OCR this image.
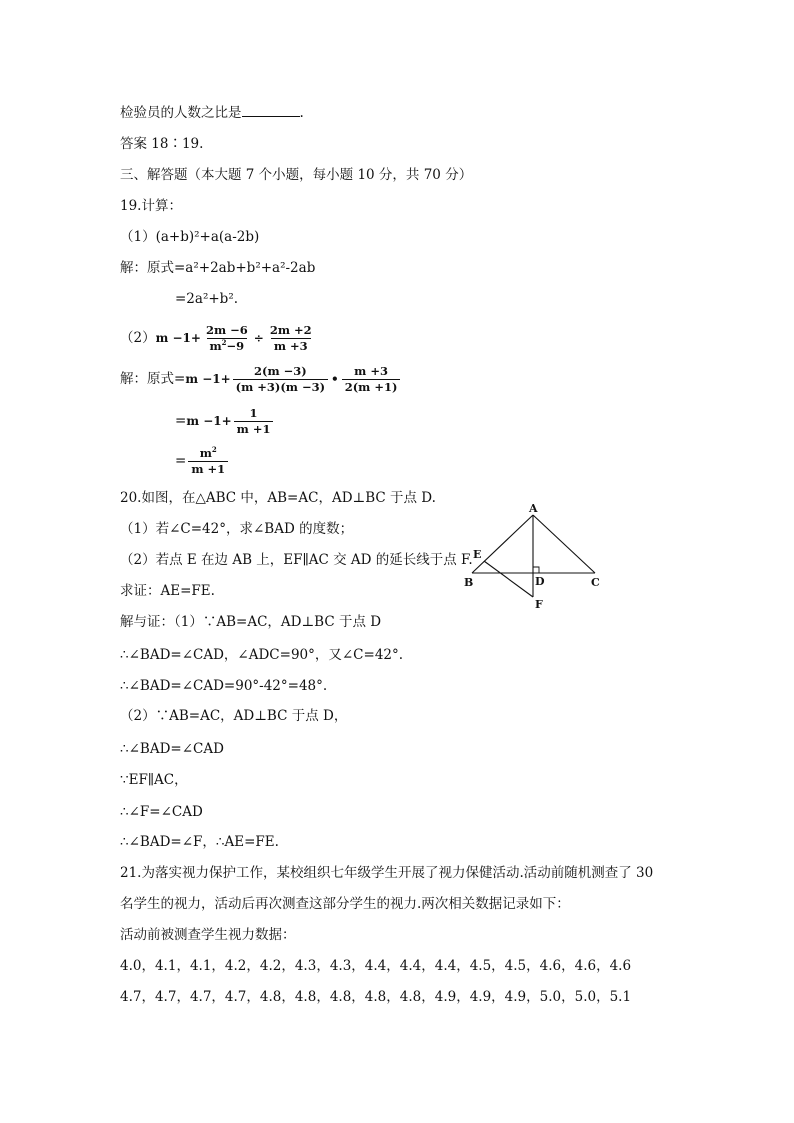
检验员的人数之比是	.
答案 18∶19.
三、解答题（本大题 7 个小题，每小题 10 分，共 70 分）
19.计算：
（1）(a+b)²+a(a-2b)
解：原式=a²+2ab+b²+a²-2ab
=2a²+b².
（2） $m -1+ \frac{2m -6}{m^2-9} \div \frac{2m +2}{m +3}$
解：原式= $m -1+ \frac{2(m -3)}{(m +3)(m -3)}$ • $\frac{m +3}{2(m +1)}$
= $m -1+ \frac{1}{m +1}$
= $\frac{m^2}{m +1}$
20.如图，在△ABC 中，AB=AC，AD⊥BC 于点 D.
（1）若∠C=42°，求∠BAD 的度数；
（2）若点 E 在边 AB 上，EF∥AC 交 AD 的延长线于点 F.
求证：AE=FE.
解与证：（1）∵AB=AC，AD⊥BC 于点 D
∴∠BAD=∠CAD，∠ADC=90°，又∠C=42°.
∴∠BAD=∠CAD=90°-42°=48°.
（2）∵AB=AC，AD⊥BC 于点 D，
∴∠BAD=∠CAD
∵EF∥AC，
∴∠F=∠CAD
∴∠BAD=∠F，∴AE=FE.
21.为落实视力保护工作，某校组织七年级学生开展了视力保健活动.活动前随机测查了 30
名学生的视力，活动后再次测查这部分学生的视力.两次相关数据记录如下：
活动前被测查学生视力数据：
4.0，4.1，4.1，4.2，4.2，4.3，4.3，4.4，4.4，4.4，4.5，4.5，4.6，4.6，4.6
4.7，4.7，4.7，4.7，4.8，4.8，4.8，4.8，4.8，4.9，4.9，4.9，5.0，5.0，5.1
A
B	C
D
E
F
